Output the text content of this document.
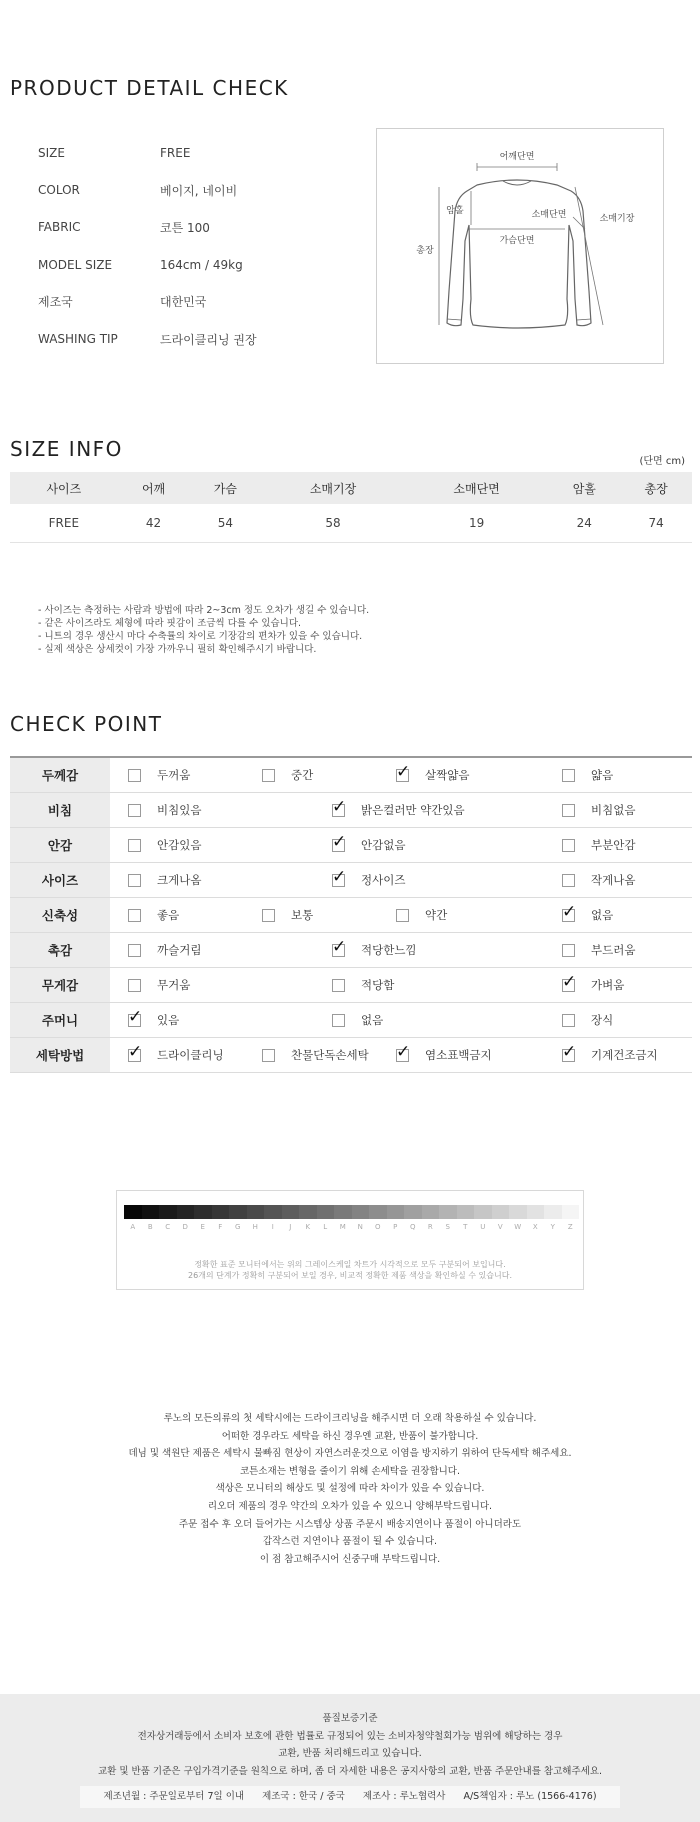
PRODUCT DETAIL CHECK
SIZE	FREE
COLOR	베이지, 네이비
FABRIC	코튼 100
MODEL SIZE	164cm / 49kg
제조국	대한민국
WASHING TIP	드라이클리닝 권장
어깨단면
암홀	소매단면	소매기장
가슴단면
총장
SIZE INFO
(단면 cm)
사이즈	어깨	가슴	소매기장	소매단면	암홀	총장
FREE	42	54	58	19	24	74
- 사이즈는 측정하는 사람과 방법에 따라 2~3cm 정도 오차가 생길 수 있습니다.
- 같은 사이즈라도 체형에 따라 핏감이 조금씩 다를 수 있습니다.
- 니트의 경우 생산시 마다 수축률의 차이로 기장감의 편차가 있을 수 있습니다.
- 실제 색상은 상세컷이 가장 가까우니 필히 확인해주시기 바랍니다.
CHECK POINT
두께감	두꺼움	중간	✓ 살짝얇음	얇음
비침	비침있음	✓ 밝은컬러만 약간있음	비침없음
안감	안감있음	✓ 안감없음	부분안감
사이즈	크게나옴	✓ 정사이즈	작게나옴
신축성	좋음	보통	약간	✓ 없음
촉감	까슬거림	✓ 적당한느낌	부드러움
무게감	무거움	적당함	✓ 가벼움
주머니	✓ 있음	없음	장식
세탁방법	✓ 드라이클리닝	찬물단독손세탁 ✓ 염소표백금지	✓ 기계건조금지
A	B	C	D	E	F	G	H	I	J	K	L	M	N	O	P	Q	R	S	T	U	V	W	X	Y	Z
정확한 표준 모니터에서는 위의 그레이스케일 차트가 시각적으로 모두 구분되어 보입니다.
26개의 단계가 정확히 구분되어 보일 경우, 비교적 정확한 제품 색상을 확인하실 수 있습니다.
루노의 모든의류의 첫 세탁시에는 드라이크리닝을 해주시면 더 오래 착용하실 수 있습니다.
어떠한 경우라도 세탁을 하신 경우엔 교환, 반품이 불가합니다.
데님 및 색원단 제품은 세탁시 물빠짐 현상이 자연스러운것으로 이염을 방지하기 위하여 단독세탁 해주세요.
코튼소재는 변형을 줄이기 위해 손세탁을 권장합니다.
색상은 모니터의 해상도 및 설정에 따라 차이가 있을 수 있습니다.
리오더 제품의 경우 약간의 오차가 있을 수 있으니 양해부탁드립니다.
주문 접수 후 오더 들어가는 시스템상 상품 주문시 배송지연이나 품절이 아니더라도
갑작스런 지연이나 품절이 될 수 있습니다.
이 점 참고해주시어 신중구매 부탁드립니다.
품질보증기준
전자상거래등에서 소비자 보호에 관한 법률로 규정되어 있는 소비자청약철회가능 범위에 해당하는 경우
교환, 반품 처리해드리고 있습니다.
교환 및 반품 기준은 구입가격기준을 원칙으로 하며, 좀 더 자세한 내용은 공지사항의 교환, 반품 주문안내를 참고해주세요.
제조년월 : 주문일로부터 7일 이내 제조국 : 한국 / 중국 제조사 : 루노협력사 A/S책임자 : 루노 (1566-4176)
